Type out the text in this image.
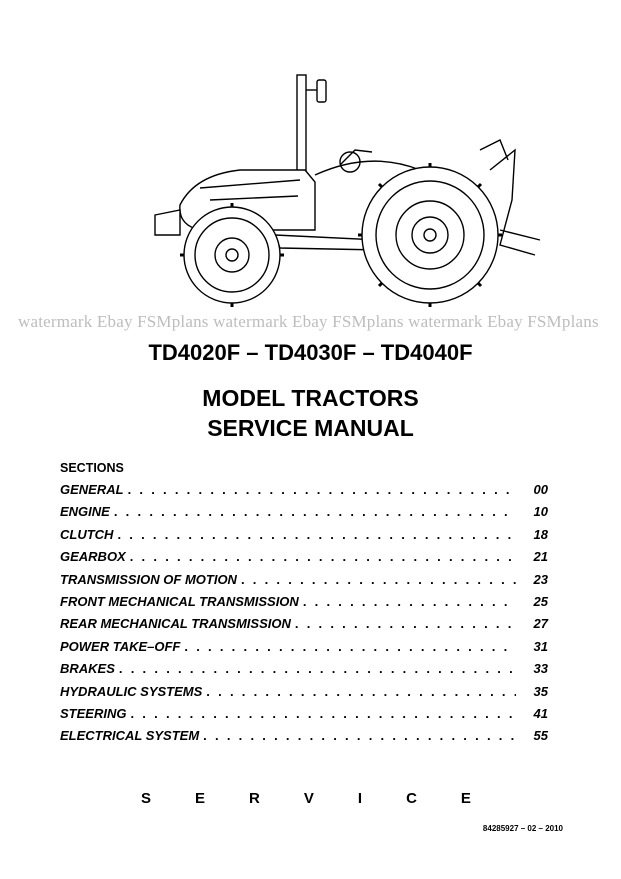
watermark Ebay FSMplans watermark Ebay FSMplans watermark Ebay FSMplans
TD4020F – TD4030F – TD4040F
MODEL TRACTORS
SERVICE MANUAL
SECTIONS
GENERAL . . .	00
ENGINE . . .	10
CLUTCH . . .	18
GEARBOX . . .	21
TRANSMISSION OF MOTION . . .	23
FRONT MECHANICAL TRANSMISSION . . .	25
REAR MECHANICAL TRANSMISSION . . .	27
POWER TAKE–OFF . . .	31
BRAKES . . .	33
HYDRAULIC SYSTEMS . . .	35
STEERING . . .	41
ELECTRICAL SYSTEM . . .	55
S	E	R	V	I	C	E
84285927 – 02 – 2010
